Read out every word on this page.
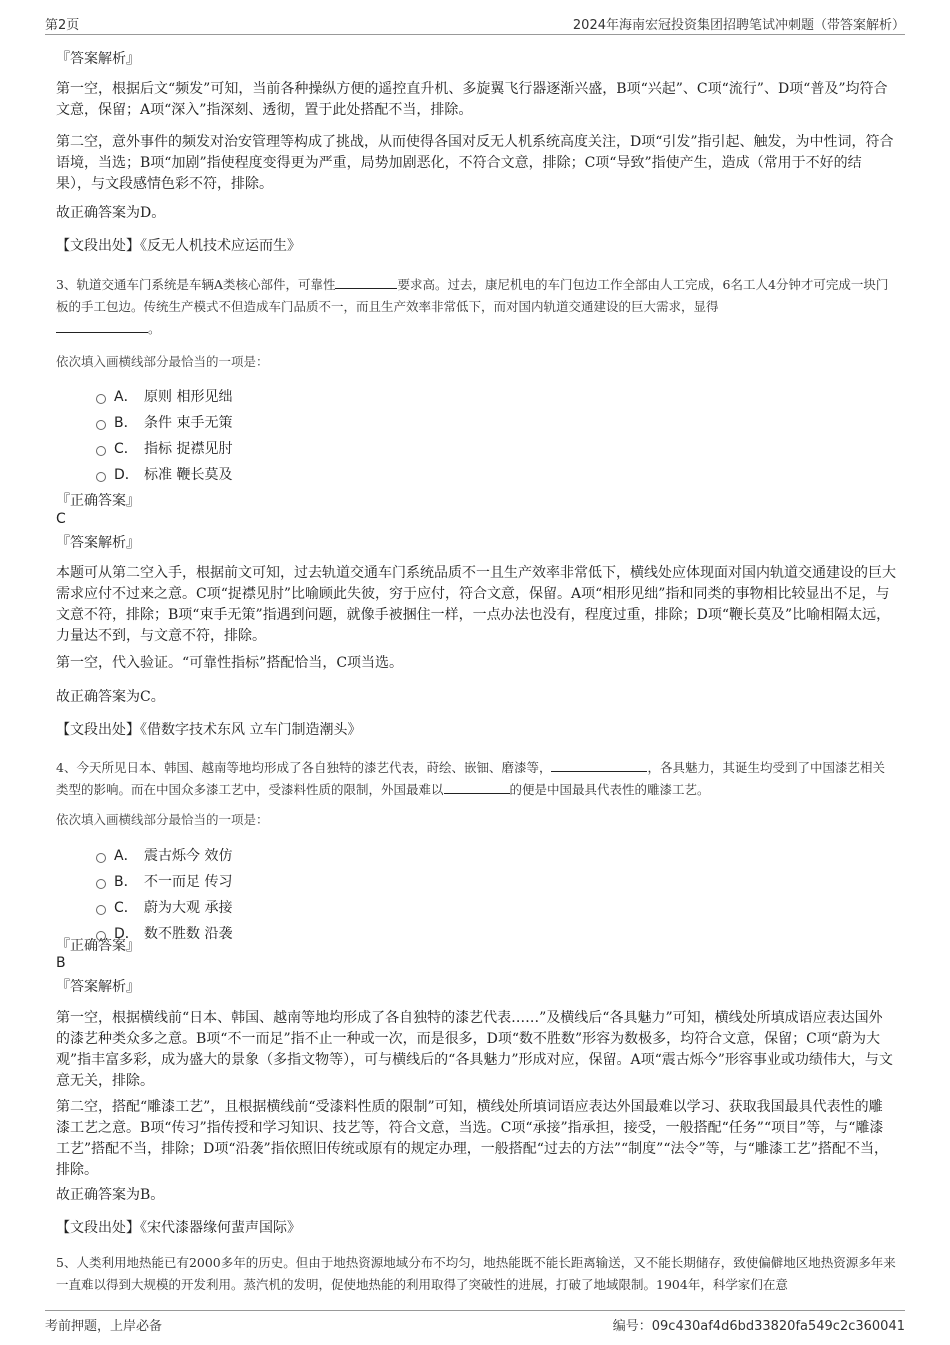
第2页	2024年海南宏冠投资集团招聘笔试冲刺题（带答案解析）
『答案解析』
第一空，根据后文“频发”可知，当前各种操纵方便的遥控直升机、多旋翼飞行器逐渐兴盛，B项“兴起”、C项“流行”、D项“普及”均符合文意，保留；A项“深入”指深刻、透彻，置于此处搭配不当，排除。
第二空，意外事件的频发对治安管理等构成了挑战，从而使得各国对反无人机系统高度关注，D项“引发”指引起、触发，为中性词，符合语境，当选；B项“加剧”指使程度变得更为严重，局势加剧恶化，不符合文意，排除；C项“导致”指使产生，造成（常用于不好的结果），与文段感情色彩不符，排除。
故正确答案为D。
【文段出处】《反无人机技术应运而生》
3、轨道交通车门系统是车辆A类核心部件，可靠性	要求高。过去，康尼机电的车门包边工作全部由人工完成，6名工人4分钟才可完成一块门板的手工包边。传统生产模式不但造成车门品质不一，而且生产效率非常低下，而对国内轨道交通建设的巨大需求，显得
。
依次填入画横线部分最恰当的一项是：
A． 原则 相形见绌
B． 条件 束手无策
C． 指标 捉襟见肘
D． 标准 鞭长莫及
『正确答案』
C
『答案解析』
本题可从第二空入手，根据前文可知，过去轨道交通车门系统品质不一且生产效率非常低下，横线处应体现面对国内轨道交通建设的巨大需求应付不过来之意。C项“捉襟见肘”比喻顾此失彼，穷于应付，符合文意，保留。A项“相形见绌”指和同类的事物相比较显出不足，与文意不符，排除；B项“束手无策”指遇到问题，就像手被捆住一样，一点办法也没有，程度过重，排除；D项“鞭长莫及”比喻相隔太远，力量达不到，与文意不符，排除。
第一空，代入验证。“可靠性指标”搭配恰当，C项当选。
故正确答案为C。
【文段出处】《借数字技术东风 立车门制造潮头》
4、今天所见日本、韩国、越南等地均形成了各自独特的漆艺代表，莳绘、嵌钿、磨漆等，	，各具魅力，其诞生均受到了中国漆艺相关类型的影响。而在中国众多漆工艺中，受漆料性质的限制，外国最难以	的便是中国最具代表性的雕漆工艺。
依次填入画横线部分最恰当的一项是：
A． 震古烁今 效仿
B． 不一而足 传习
C． 蔚为大观 承接
D． 数不胜数 沿袭
『正确答案』
B
『答案解析』
第一空，根据横线前“日本、韩国、越南等地均形成了各自独特的漆艺代表……”及横线后“各具魅力”可知，横线处所填成语应表达国外的漆艺种类众多之意。B项“不一而足”指不止一种或一次，而是很多，D项“数不胜数”形容为数极多，均符合文意，保留；C项“蔚为大观”指丰富多彩，成为盛大的景象（多指文物等），可与横线后的“各具魅力”形成对应，保留。A项“震古烁今”形容事业或功绩伟大，与文意无关，排除。
第二空，搭配“雕漆工艺”，且根据横线前“受漆料性质的限制”可知，横线处所填词语应表达外国最难以学习、获取我国最具代表性的雕漆工艺之意。B项“传习”指传授和学习知识、技艺等，符合文意，当选。C项“承接”指承担，接受，一般搭配“任务”“项目”等，与“雕漆工艺”搭配不当，排除；D项“沿袭”指依照旧传统或原有的规定办理，一般搭配“过去的方法”“制度”“法令”等，与“雕漆工艺”搭配不当，排除。
故正确答案为B。
【文段出处】《宋代漆器缘何蜚声国际》
5、人类利用地热能已有2000多年的历史。但由于地热资源地域分布不均匀，地热能既不能长距离输送，又不能长期储存，致使偏僻地区地热资源多年来一直难以得到大规模的开发利用。蒸汽机的发明，促使地热能的利用取得了突破性的进展，打破了地域限制。1904年，科学家们在意
考前押题，上岸必备	编号：09c430af4d6bd33820fa549c2c360041
